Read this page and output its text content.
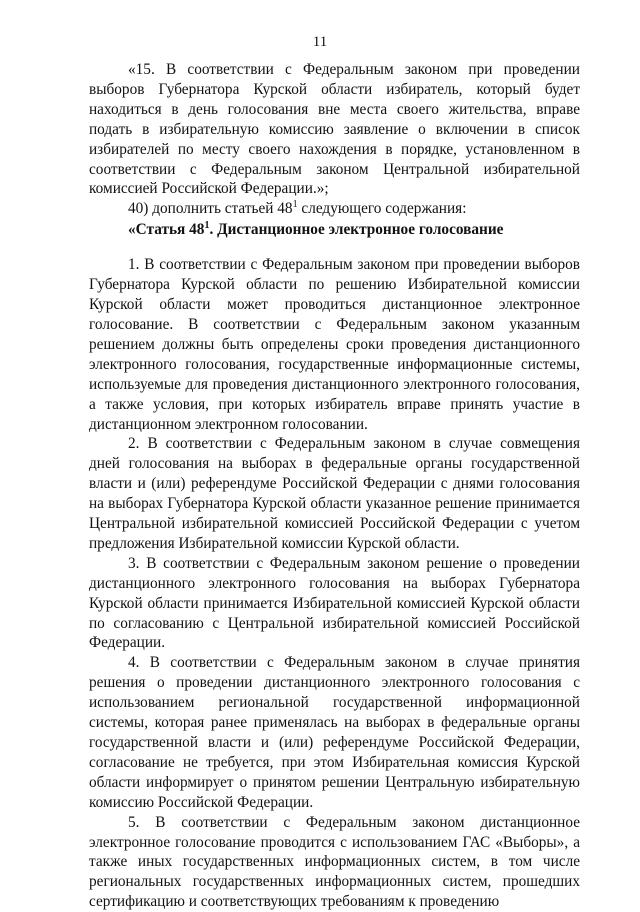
11

«15. В соответствии с Федеральным законом при проведении выборов Губернатора Курской области избиратель, который будет находиться в день голосования вне места своего жительства, вправе подать в избирательную комиссию заявление о включении в список избирателей по месту своего нахождения в порядке, установленном в соответствии с Федеральным законом Центральной избирательной комиссией Российской Федерации.»;

40) дополнить статьей $48^1$ следующего содержания:

«Статья $48^1$. Дистанционное электронное голосование

1. В соответствии с Федеральным законом при проведении выборов Губернатора Курской области по решению Избирательной комиссии Курской области может проводиться дистанционное электронное голосование. В соответствии с Федеральным законом указанным решением должны быть определены сроки проведения дистанционного электронного голосования, государственные информационные системы, используемые для проведения дистанционного электронного голосования, а также условия, при которых избиратель вправе принять участие в дистанционном электронном голосовании.

2. В соответствии с Федеральным законом в случае совмещения дней голосования на выборах в федеральные органы государственной власти и (или) референдуме Российской Федерации с днями голосования на выборах Губернатора Курской области указанное решение принимается Центральной избирательной комиссией Российской Федерации с учетом предложения Избирательной комиссии Курской области.

3. В соответствии с Федеральным законом решение о проведении дистанционного электронного голосования на выборах Губернатора Курской области принимается Избирательной комиссией Курской области по согласованию с Центральной избирательной комиссией Российской Федерации.

4. В соответствии с Федеральным законом в случае принятия решения о проведении дистанционного электронного голосования с использованием региональной государственной информационной системы, которая ранее применялась на выборах в федеральные органы государственной власти и (или) референдуме Российской Федерации, согласование не требуется, при этом Избирательная комиссия Курской области информирует о принятом решении Центральную избирательную комиссию Российской Федерации.

5. В соответствии с Федеральным законом дистанционное электронное голосование проводится с использованием ГАС «Выборы», а также иных государственных информационных систем, в том числе региональных государственных информационных систем, прошедших сертификацию и соответствующих требованиям к проведению
